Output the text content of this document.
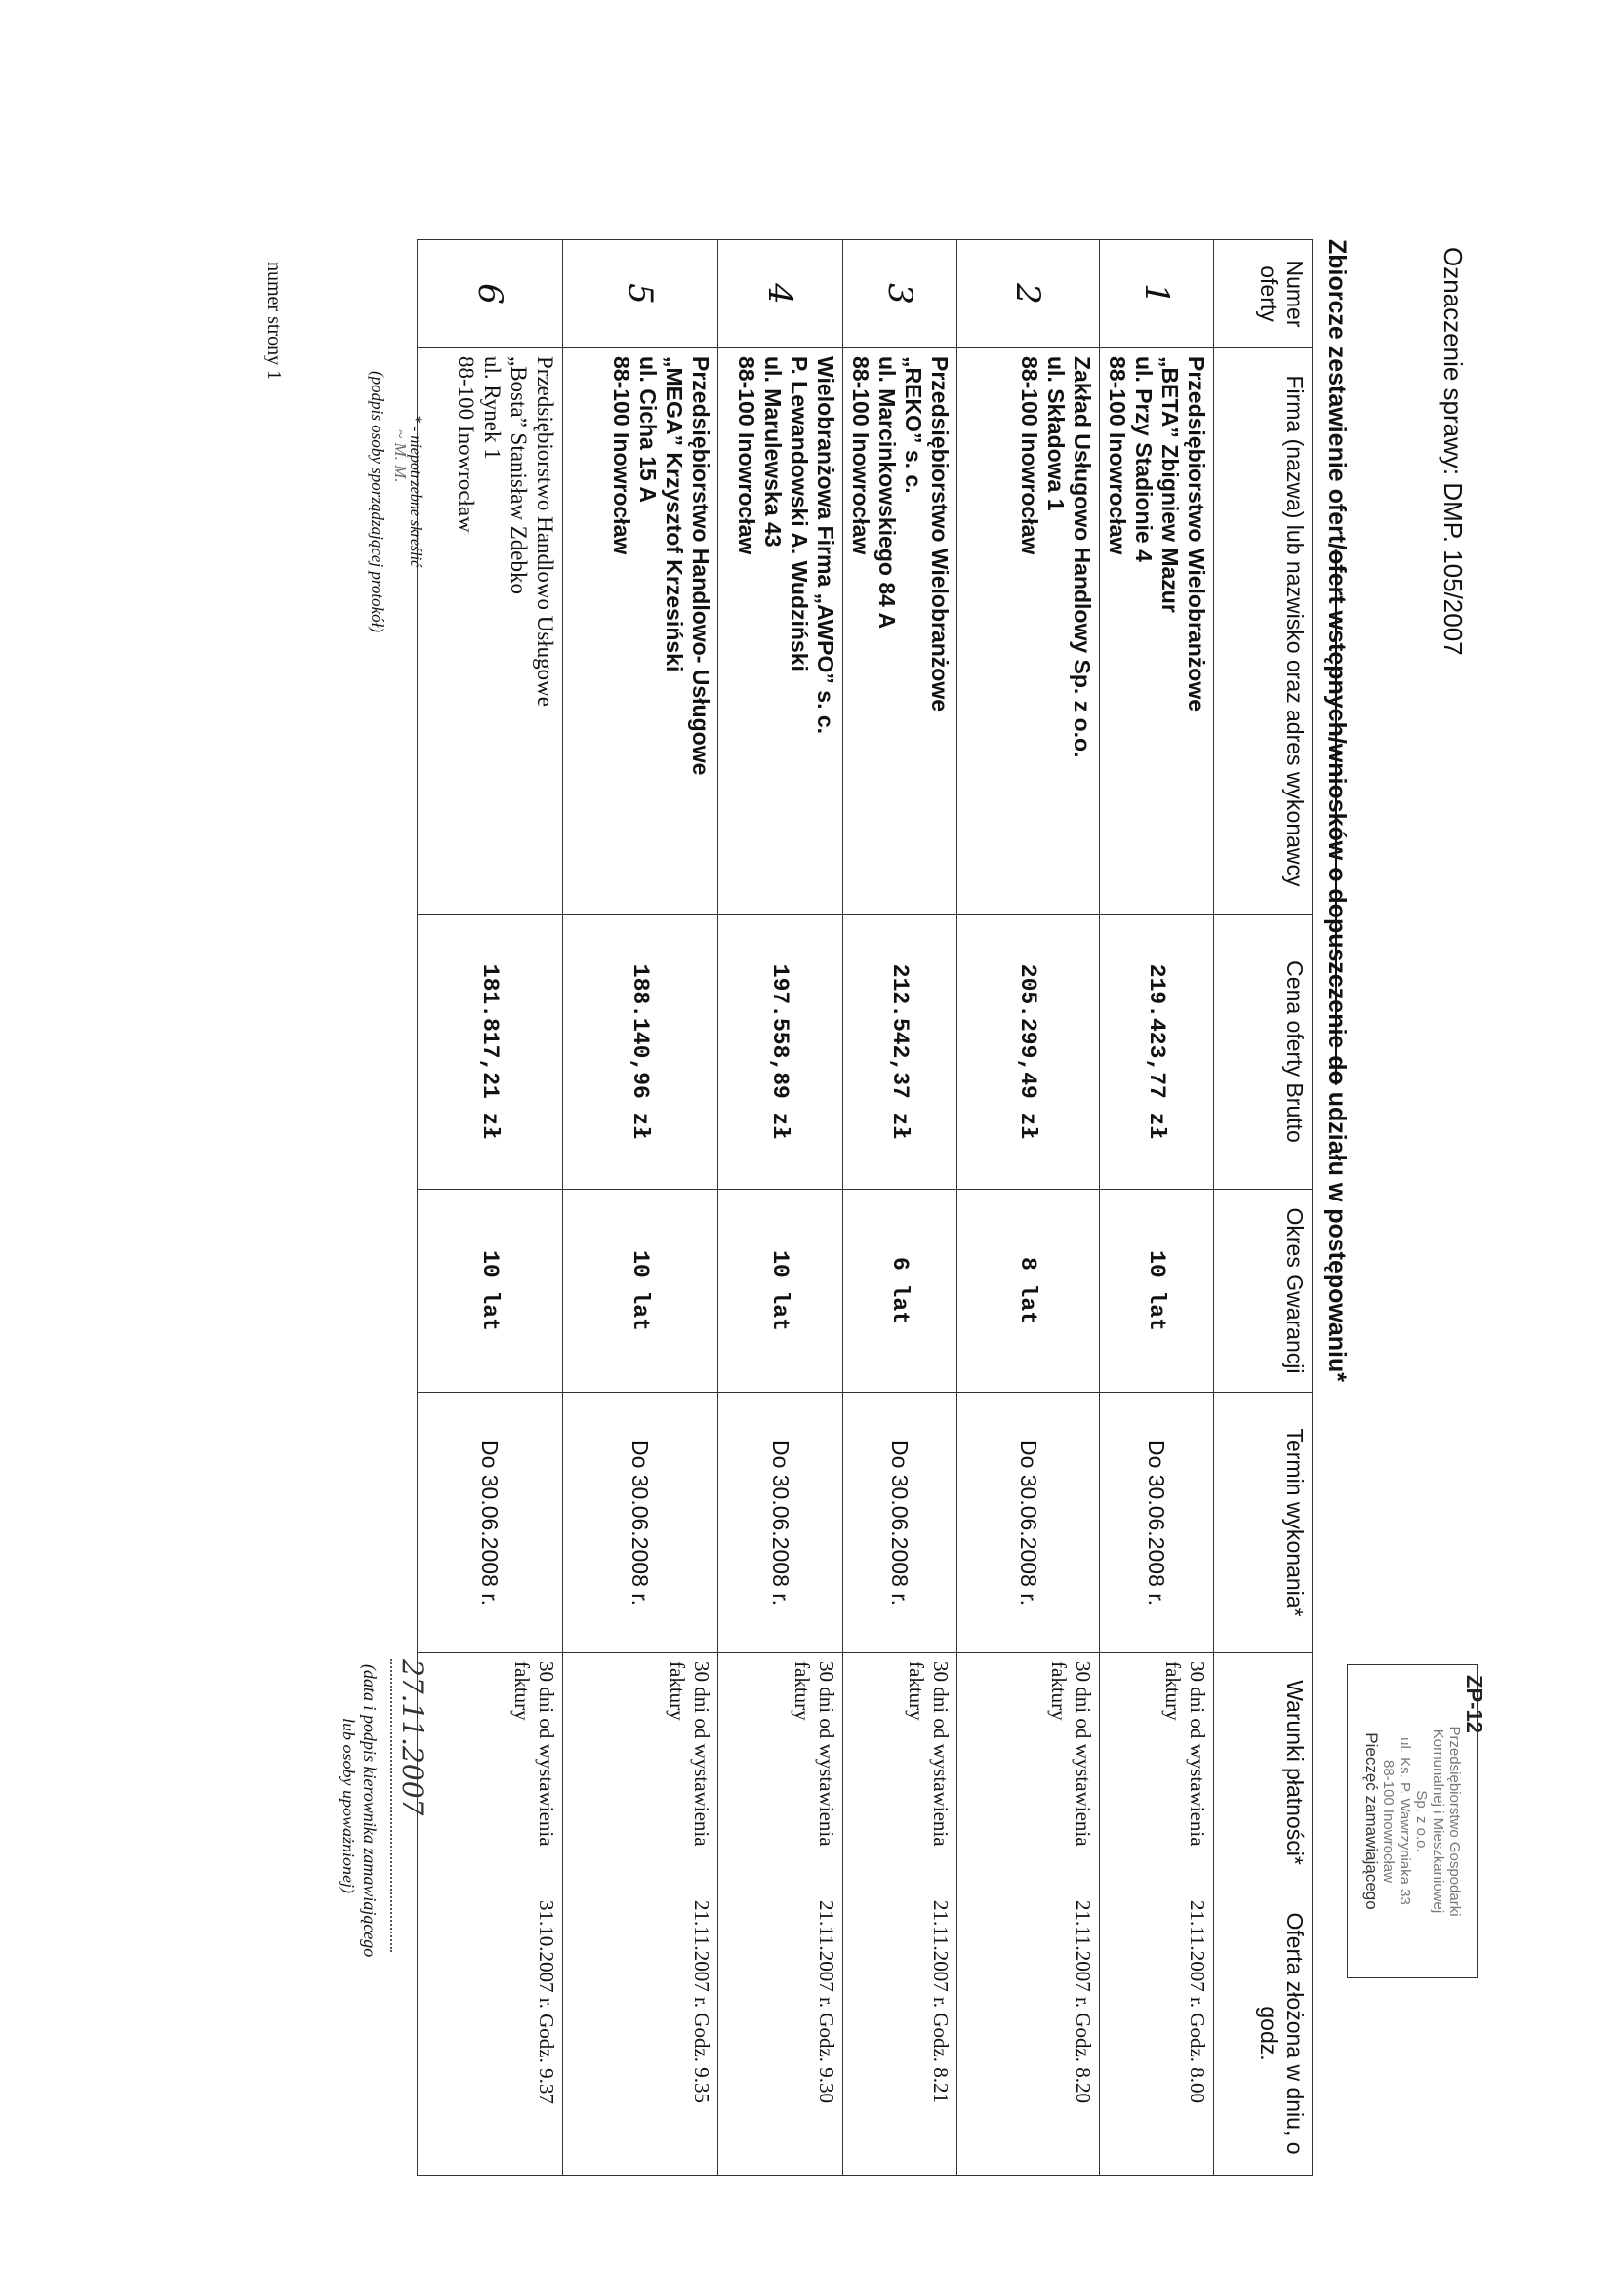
Oznaczenie sprawy: DMP. 105/2007
Zbiorcze zestawienie ofert/ofert wstępnych/wniosków o dopuszczenie do udziału w postępowaniu*
ZP-12
Przedsiębiorstwo Gospodarki
Komunalnej i Mieszkaniowej
Sp. z o.o.
ul. Ks. P. Wawrzyniaka 33
88-100 Inowrocław
Pieczęć zamawiającego
Numer oferty	Firma (nazwa) lub nazwisko oraz adres wykonawcy	Cena oferty Brutto	Okres Gwarancji	Termin wykonania*	Warunki płatności*	Oferta złożona w dniu, o godz.
1	Przedsiębiorstwo Wielobranżowe
„BETA” Zbigniew Mazur
ul. Przy Stadionie 4
88-100 Inowrocław	219.423,77 zł	10 lat	Do 30.06.2008 r.	30 dni od wystawienia faktury	21.11.2007 r. Godz. 8.00
2	Zakład Usługowo Handlowy Sp. z o.o.
ul. Składowa 1
88-100 Inowrocław	205.299,49 zł	8 lat	Do 30.06.2008 r.	30 dni od wystawienia faktury	21.11.2007 r. Godz. 8.20
3	Przedsiębiorstwo Wielobranżowe
„REKO” s. c.
ul. Marcinkowskiego 84 A
88-100 Inowrocław	212.542,37 zł	6 lat	Do 30.06.2008 r.	30 dni od wystawienia faktury	21.11.2007 r. Godz. 8.21
4	Wielobranżowa Firma „AWPO” s. c.
P. Lewandowski A. Wudziński
ul. Marulewska 43
88-100 Inowrocław	197.558,89 zł	10 lat	Do 30.06.2008 r.	30 dni od wystawienia faktury	21.11.2007 r. Godz. 9.30
5	Przedsiębiorstwo Handlowo- Usługowe
„MEGA” Krzysztof Krzesiński
ul. Cicha 15 A
88-100 Inowrocław	188.140,96 zł	10 lat	Do 30.06.2008 r.	30 dni od wystawienia faktury	21.11.2007 r. Godz. 9.35
6	Przedsiębiorstwo Handlowo Usługowe
„Bosta” Stanisław Zdebko
ul. Rynek 1
88-100 Inowrocław	181.817,21 zł	10 lat	Do 30.06.2008 r.	30 dni od wystawienia faktury	31.10.2007 r. Godz. 9.37
* - niepotrzebne skreślić
~ M. M.
(podpis osoby sporządzającej protokół)
numer strony 1
27.11.2007
(data i podpis kierownika zamawiającego
lub osoby upoważnionej)
